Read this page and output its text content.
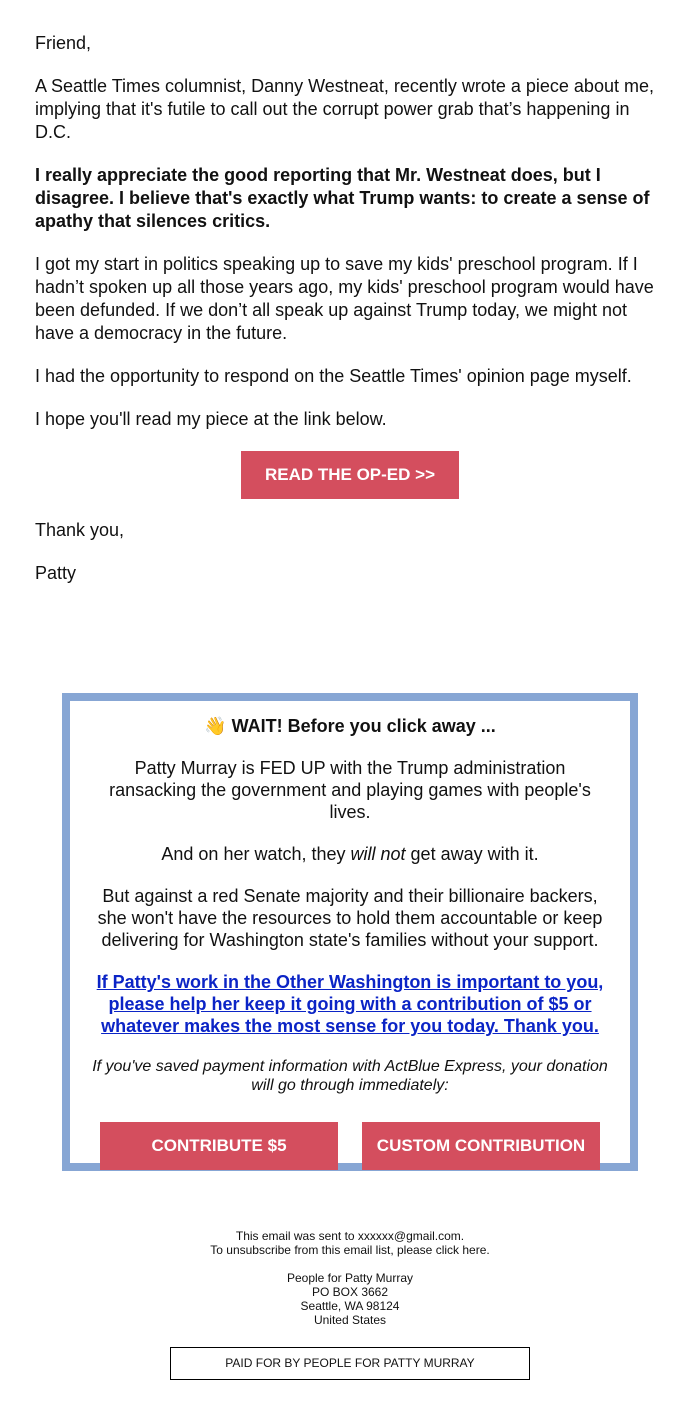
Friend,

A Seattle Times columnist, Danny Westneat, recently wrote a piece about me, implying that it's futile to call out the corrupt power grab that’s happening in D.C.

I really appreciate the good reporting that Mr. Westneat does, but I disagree. I believe that's exactly what Trump wants: to create a sense of apathy that silences critics.

I got my start in politics speaking up to save my kids' preschool program. If I hadn’t spoken up all those years ago, my kids' preschool program would have been defunded. If we don’t all speak up against Trump today, we might not have a democracy in the future.

I had the opportunity to respond on the Seattle Times' opinion page myself.

I hope you'll read my piece at the link below.

READ THE OP-ED >>

Thank you,

Patty

👋 WAIT! Before you click away ...

Patty Murray is FED UP with the Trump administration ransacking the government and playing games with people's lives.

And on her watch, they will not get away with it.

But against a red Senate majority and their billionaire backers, she won't have the resources to hold them accountable or keep delivering for Washington state's families without your support.

If Patty's work in the Other Washington is important to you, please help her keep it going with a contribution of $5 or whatever makes the most sense for you today. Thank you.

If you've saved payment information with ActBlue Express, your donation will go through immediately:

CONTRIBUTE $5	CUSTOM CONTRIBUTION
This email was sent to xxxxxx@gmail.com.
To unsubscribe from this email list, please click here.
People for Patty Murray
PO BOX 3662
Seattle, WA 98124
United States
PAID FOR BY PEOPLE FOR PATTY MURRAY
